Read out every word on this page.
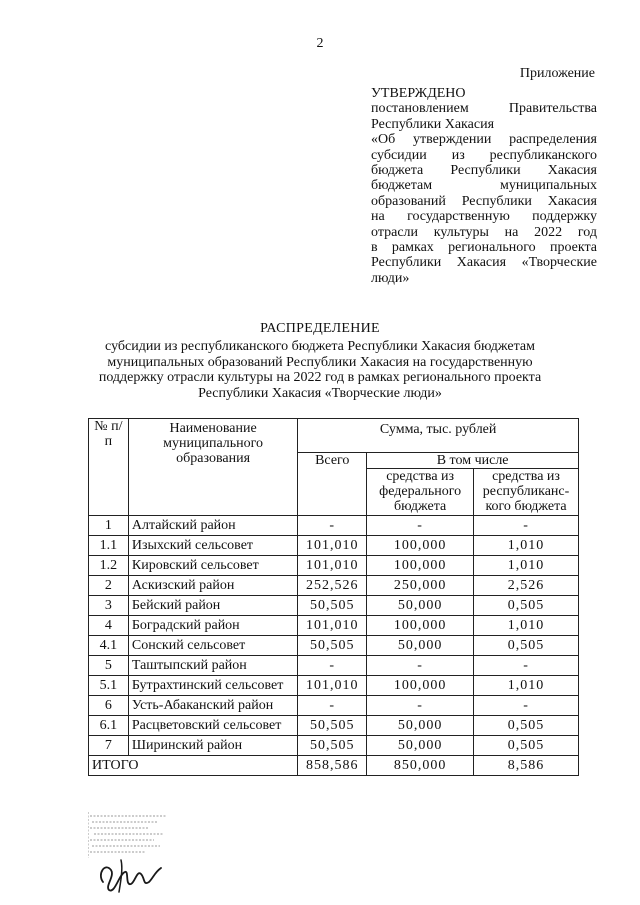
2
Приложение
УТВЕРЖДЕНО
постановлением Правительства
Республики Хакасия
«Об утверждении распределения
субсидии из республиканского
бюджета Республики Хакасия
бюджетам муниципальных
образований Республики Хакасия
на государственную поддержку
отрасли культуры на 2022 год
в рамках регионального проекта
Республики Хакасия «Творческие
люди»
РАСПРЕДЕЛЕНИЕ
субсидии из республиканского бюджета Республики Хакасия бюджетам муниципальных образований Республики Хакасия на государственную поддержку отрасли культуры на 2022 год в рамках регионального проекта Республики Хакасия «Творческие люди»
№ п/п	Наименование муниципального образования	Сумма, тыс. рублей		
		Всего	В том числе	
			средства из федерального бюджета	средства из республиканс-кого бюджета
1	Алтайский район	-	-	-
1.1	Изыхский сельсовет	101,010	100,000	1,010
1.2	Кировский сельсовет	101,010	100,000	1,010
2	Аскизский район	252,526	250,000	2,526
3	Бейский район	50,505	50,000	0,505
4	Боградский район	101,010	100,000	1,010
4.1	Сонский сельсовет	50,505	50,000	0,505
5	Таштыпский район	-	-	-
5.1	Бутрахтинский сельсовет	101,010	100,000	1,010
6	Усть-Абаканский район	-	-	-
6.1	Расцветовский сельсовет	50,505	50,000	0,505
7	Ширинский район	50,505	50,000	0,505
ИТОГО		858,586	850,000	8,586
